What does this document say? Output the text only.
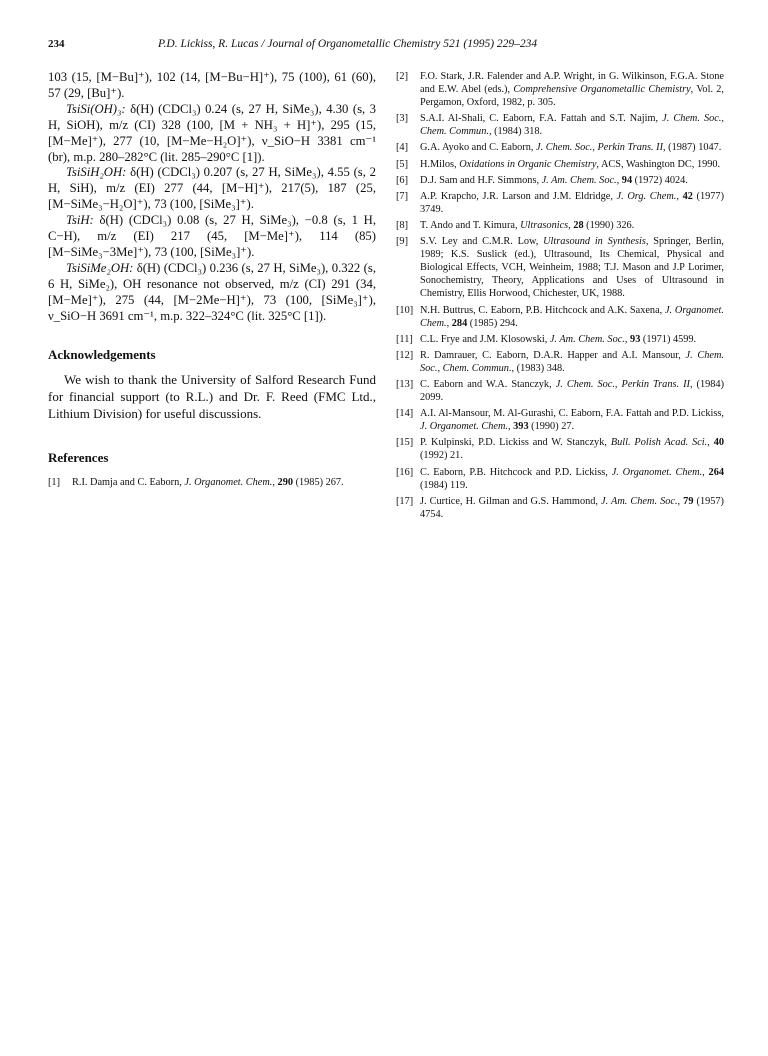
234	P.D. Lickiss, R. Lucas / Journal of Organometallic Chemistry 521 (1995) 229–234

103 (15, [M−Bu]⁺), 102 (14, [M−Bu−H]⁺), 75 (100), 61 (60), 57 (29, [Bu]⁺).

TsiSi(OH)₃: δ(H) (CDCl₃) 0.24 (s, 27 H, SiMe₃), 4.30 (s, 3 H, SiOH), m/z (CI) 328 (100, [M + NH₃ + H]⁺), 295 (15, [M−Me]⁺), 277 (10, [M−Me−H₂O]⁺), ν_SiO−H 3381 cm⁻¹ (br), m.p. 280–282°C (lit. 285–290°C [1]).

TsiSiH₂OH: δ(H) (CDCl₃) 0.207 (s, 27 H, SiMe₃), 4.55 (s, 2 H, SiH), m/z (EI) 277 (44, [M−H]⁺), 217(5), 187 (25, [M−SiMe₃−H₂O]⁺), 73 (100, [SiMe₃]⁺).

TsiH: δ(H) (CDCl₃) 0.08 (s, 27 H, SiMe₃), −0.8 (s, 1 H, C−H), m/z (EI) 217 (45, [M−Me]⁺), 114 (85) [M−SiMe₃−3Me]⁺), 73 (100, [SiMe₃]⁺).

TsiSiMe₂OH: δ(H) (CDCl₃) 0.236 (s, 27 H, SiMe₃), 0.322 (s, 6 H, SiMe₂), OH resonance not observed, m/z (CI) 291 (34, [M−Me]⁺), 275 (44, [M−2Me−H]⁺), 73 (100, [SiMe₃]⁺), ν_SiO−H 3691 cm⁻¹, m.p. 322–324°C (lit. 325°C [1]).

Acknowledgements

We wish to thank the University of Salford Research Fund for financial support (to R.L.) and Dr. F. Reed (FMC Ltd., Lithium Division) for useful discussions.

References

[1] R.I. Damja and C. Eaborn, J. Organomet. Chem., 290 (1985) 267.

[2] F.O. Stark, J.R. Falender and A.P. Wright, in G. Wilkinson, F.G.A. Stone and E.W. Abel (eds.), Comprehensive Organometallic Chemistry, Vol. 2, Pergamon, Oxford, 1982, p. 305.

[3] S.A.I. Al-Shali, C. Eaborn, F.A. Fattah and S.T. Najim, J. Chem. Soc., Chem. Commun., (1984) 318.

[4] G.A. Ayoko and C. Eaborn, J. Chem. Soc., Perkin Trans. II, (1987) 1047.

[5] H.Milos, Oxidations in Organic Chemistry, ACS, Washington DC, 1990.

[6] D.J. Sam and H.F. Simmons, J. Am. Chem. Soc., 94 (1972) 4024.

[7] A.P. Krapcho, J.R. Larson and J.M. Eldridge, J. Org. Chem., 42 (1977) 3749.

[8] T. Ando and T. Kimura, Ultrasonics, 28 (1990) 326.

[9] S.V. Ley and C.M.R. Low, Ultrasound in Synthesis, Springer, Berlin, 1989; K.S. Suslick (ed.), Ultrasound, Its Chemical, Physical and Biological Effects, VCH, Weinheim, 1988; T.J. Mason and J.P Lorimer, Sonochemistry, Theory, Applications and Uses of Ultrasound in Chemistry, Ellis Horwood, Chichester, UK, 1988.

[10] N.H. Buttrus, C. Eaborn, P.B. Hitchcock and A.K. Saxena, J. Organomet. Chem., 284 (1985) 294.

[11] C.L. Frye and J.M. Klosowski, J. Am. Chem. Soc., 93 (1971) 4599.

[12] R. Damrauer, C. Eaborn, D.A.R. Happer and A.I. Mansour, J. Chem. Soc., Chem. Commun., (1983) 348.

[13] C. Eaborn and W.A. Stanczyk, J. Chem. Soc., Perkin Trans. II, (1984) 2099.

[14] A.I. Al-Mansour, M. Al-Gurashi, C. Eaborn, F.A. Fattah and P.D. Lickiss, J. Organomet. Chem., 393 (1990) 27.

[15] P. Kulpinski, P.D. Lickiss and W. Stanczyk, Bull. Polish Acad. Sci., 40 (1992) 21.

[16] C. Eaborn, P.B. Hitchcock and P.D. Lickiss, J. Organomet. Chem., 264 (1984) 119.

[17] J. Curtice, H. Gilman and G.S. Hammond, J. Am. Chem. Soc., 79 (1957) 4754.
